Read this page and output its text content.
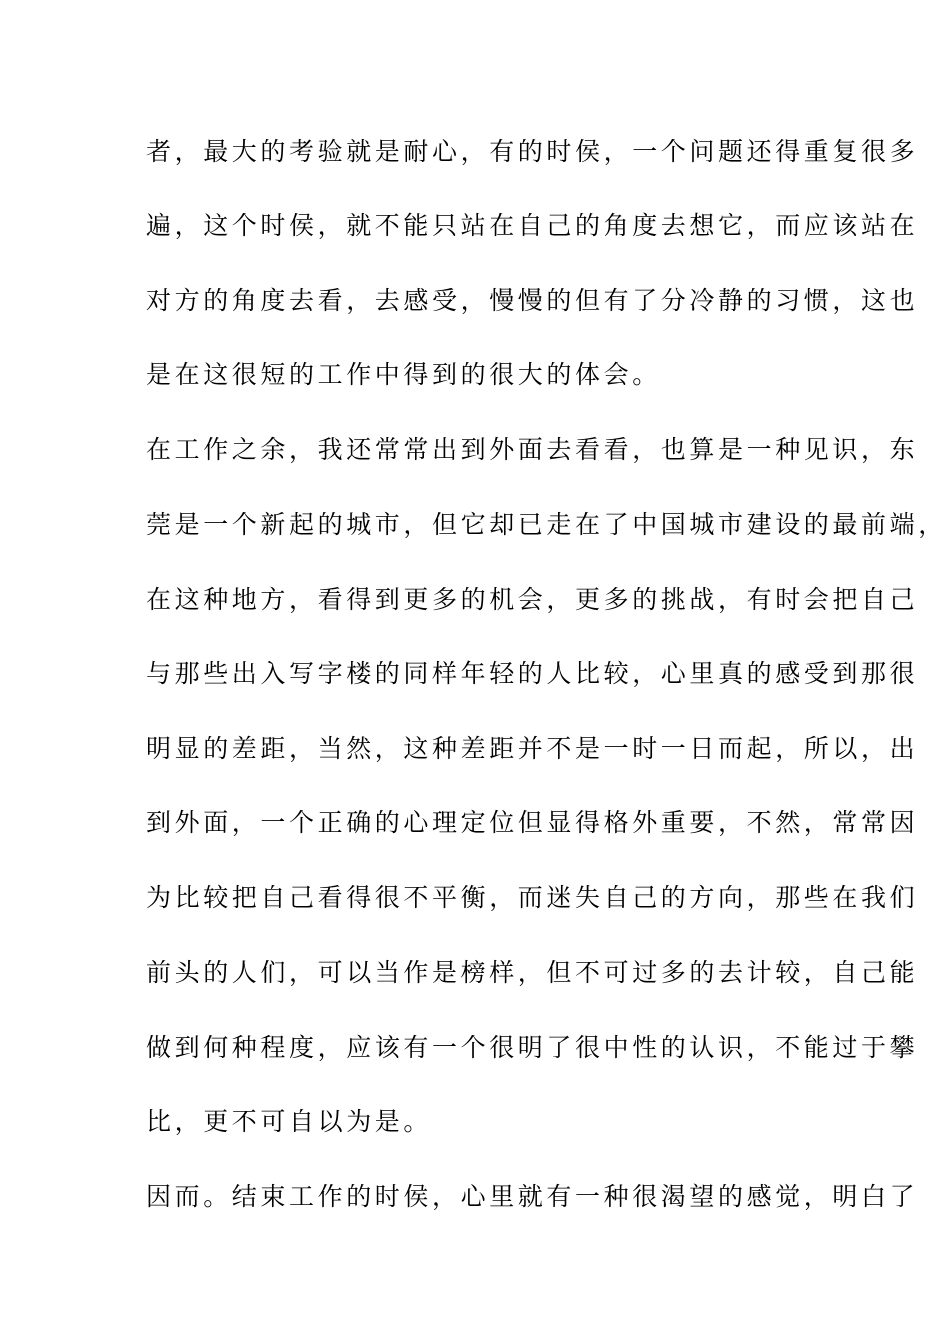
者，最大的考验就是耐心，有的时侯，一个问题还得重复很多
遍，这个时侯，就不能只站在自己的角度去想它，而应该站在
对方的角度去看，去感受，慢慢的但有了分冷静的习惯，这也
是在这很短的工作中得到的很大的体会。
在工作之余，我还常常出到外面去看看，也算是一种见识，东
莞是一个新起的城市，但它却已走在了中国城市建设的最前端，
在这种地方，看得到更多的机会，更多的挑战，有时会把自己
与那些出入写字楼的同样年轻的人比较，心里真的感受到那很
明显的差距，当然，这种差距并不是一时一日而起，所以，出
到外面，一个正确的心理定位但显得格外重要，不然，常常因
为比较把自己看得很不平衡，而迷失自己的方向，那些在我们
前头的人们，可以当作是榜样，但不可过多的去计较，自己能
做到何种程度，应该有一个很明了很中性的认识，不能过于攀
比，更不可自以为是。
因而。结束工作的时侯，心里就有一种很渴望的感觉，明白了
